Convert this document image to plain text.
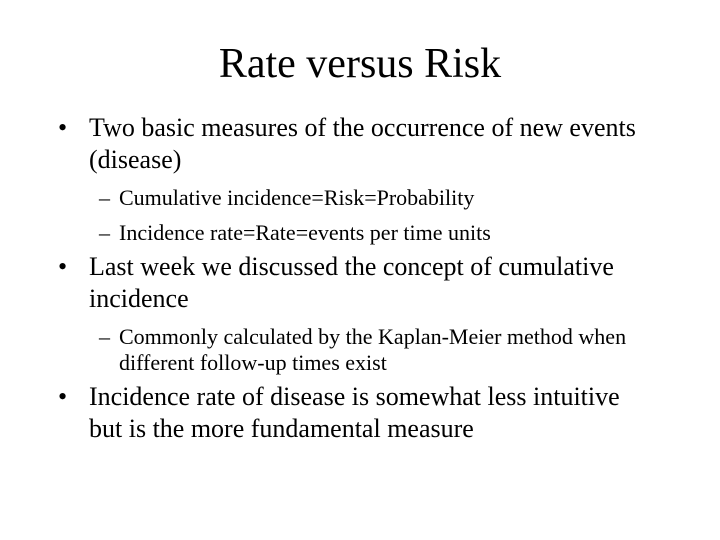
Rate versus Risk
• Two basic measures of the occurrence of new events (disease)
– Cumulative incidence=Risk=Probability
– Incidence rate=Rate=events per time units
• Last week we discussed the concept of cumulative incidence
– Commonly calculated by the Kaplan-Meier method when different follow-up times exist
• Incidence rate of disease is somewhat less intuitive but is the more fundamental measure
